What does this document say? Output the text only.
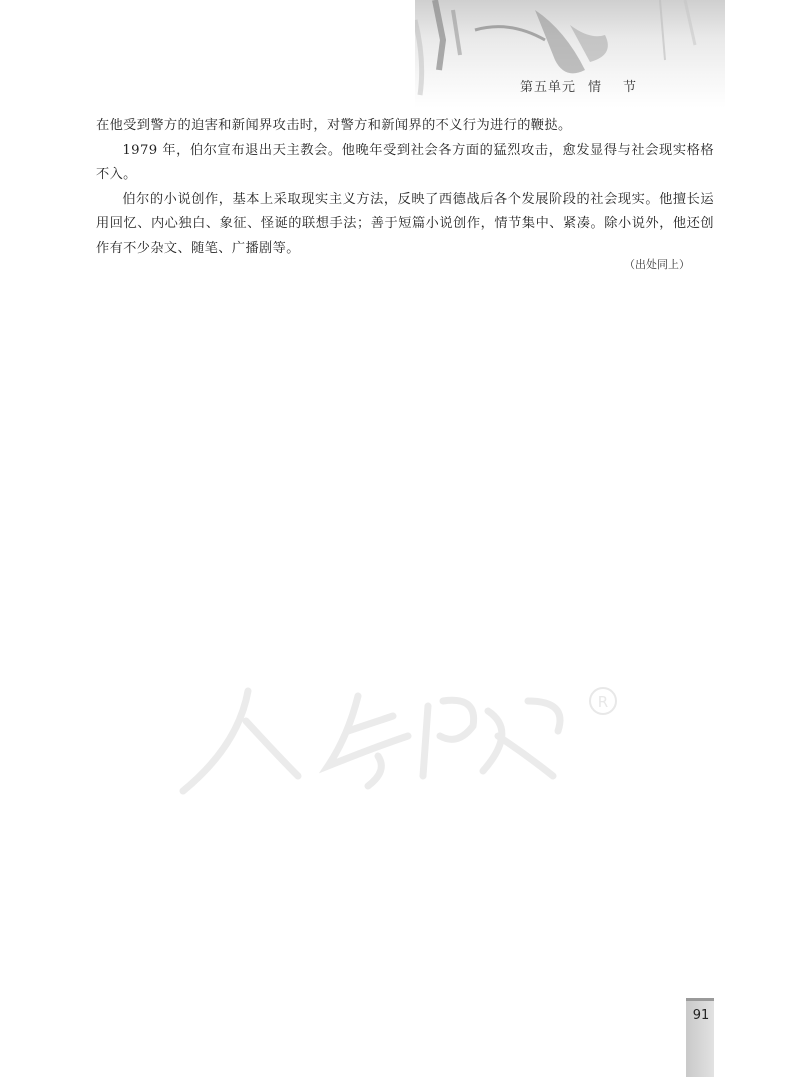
第五单元 情节

在他受到警方的迫害和新闻界攻击时，对警方和新闻界的不义行为进行的鞭挞。

1979 年，伯尔宣布退出天主教会。他晚年受到社会各方面的猛烈攻击，愈发显得与社会现实格格不入。

伯尔的小说创作，基本上采取现实主义方法，反映了西德战后各个发展阶段的社会现实。他擅长运用回忆、内心独白、象征、怪诞的联想手法；善于短篇小说创作，情节集中、紧凑。除小说外，他还创作有不少杂文、随笔、广播剧等。

（出处同上）
R
91
